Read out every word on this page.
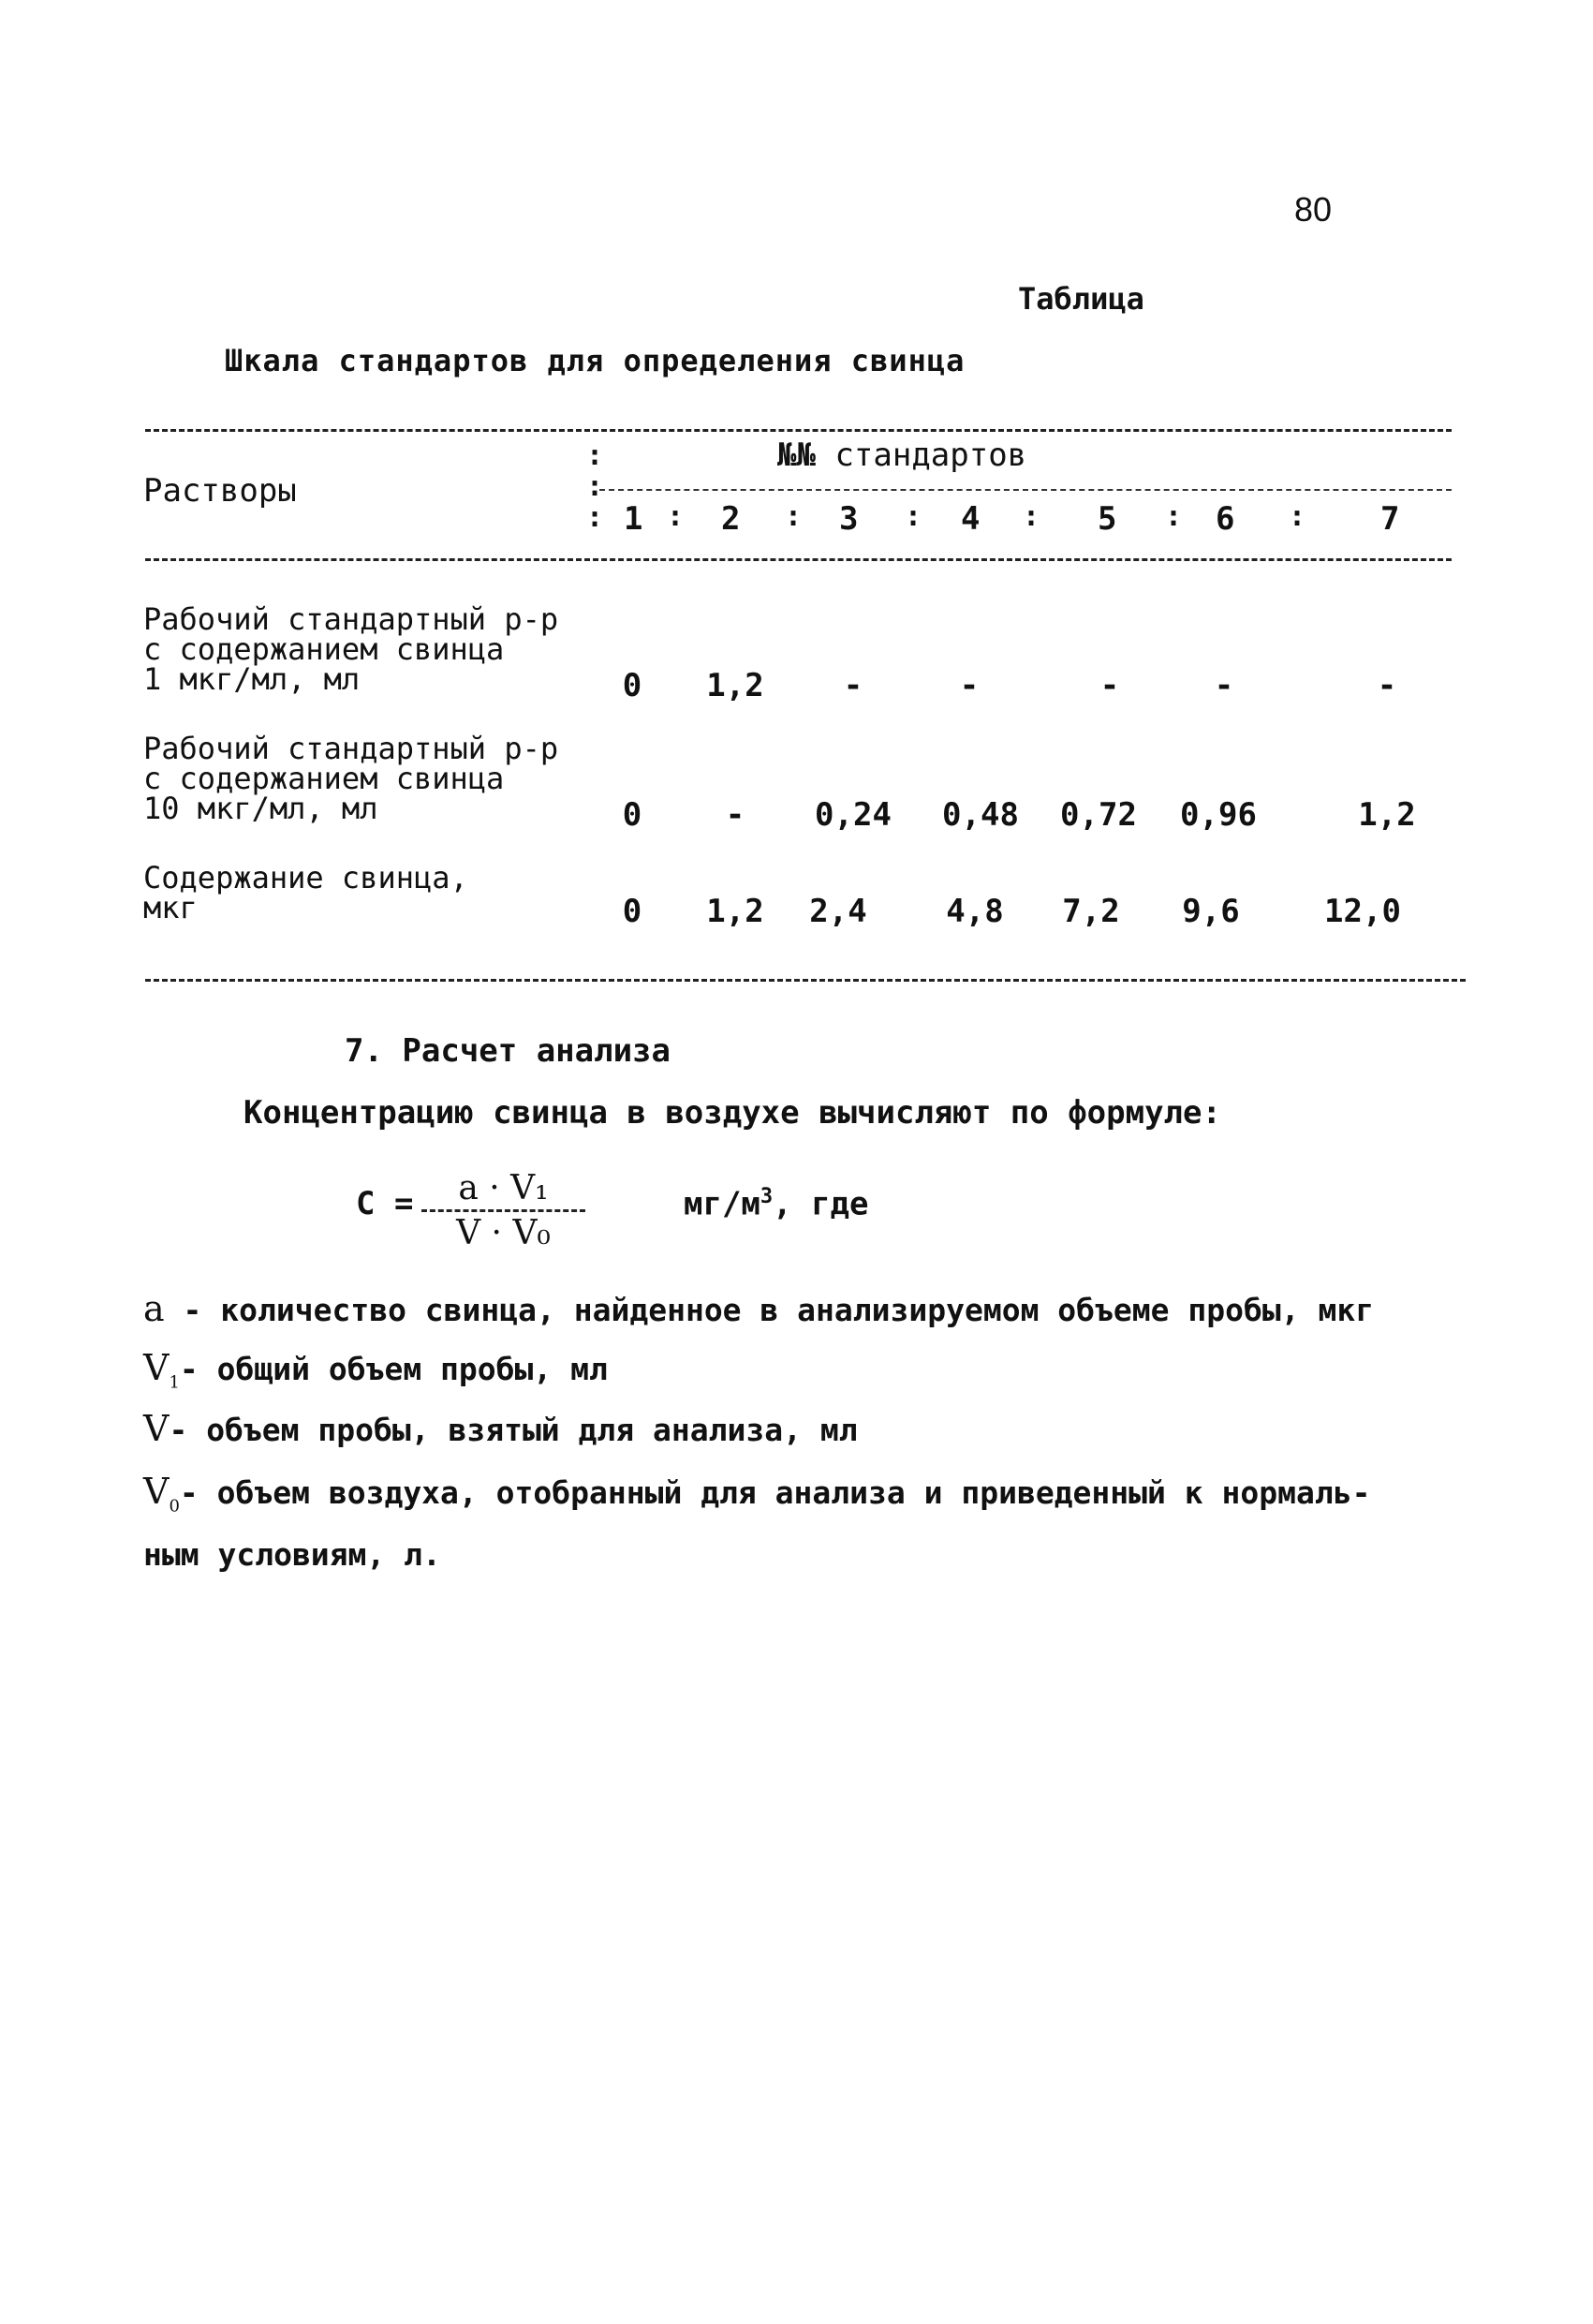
80
Таблица
Шкала стандартов для определения свинца
Растворы
:
:
:
№№ стандартов
1 : 2 : 3 : 4 : 5 : 6 : 7
Рабочий стандартный р-р
с содержанием свинца
1 мкг/мл, мл	0	1,2	-	-	-	-	-
Рабочий стандартный р-р
с содержанием свинца
10 мкг/мл, мл	0	-	0,24	0,48	0,72	0,96	1,2
Содержание свинца,
мкг	0	1,2	2,4	4,8	7,2	9,6	12,0
7. Расчет анализа
Концентрацию свинца в воздухе вычисляют по формуле:
С =	a · V₁
V · V₀
$мг/м^3$, где
a - количество свинца, найденное в анализируемом объеме пробы, мкг
$V_1-$ общий объем пробы, мл
V- объем пробы, взятый для анализа, мл
$V_0-$ объем воздуха, отобранный для анализа и приведенный к нормаль-
ным условиям, л.
